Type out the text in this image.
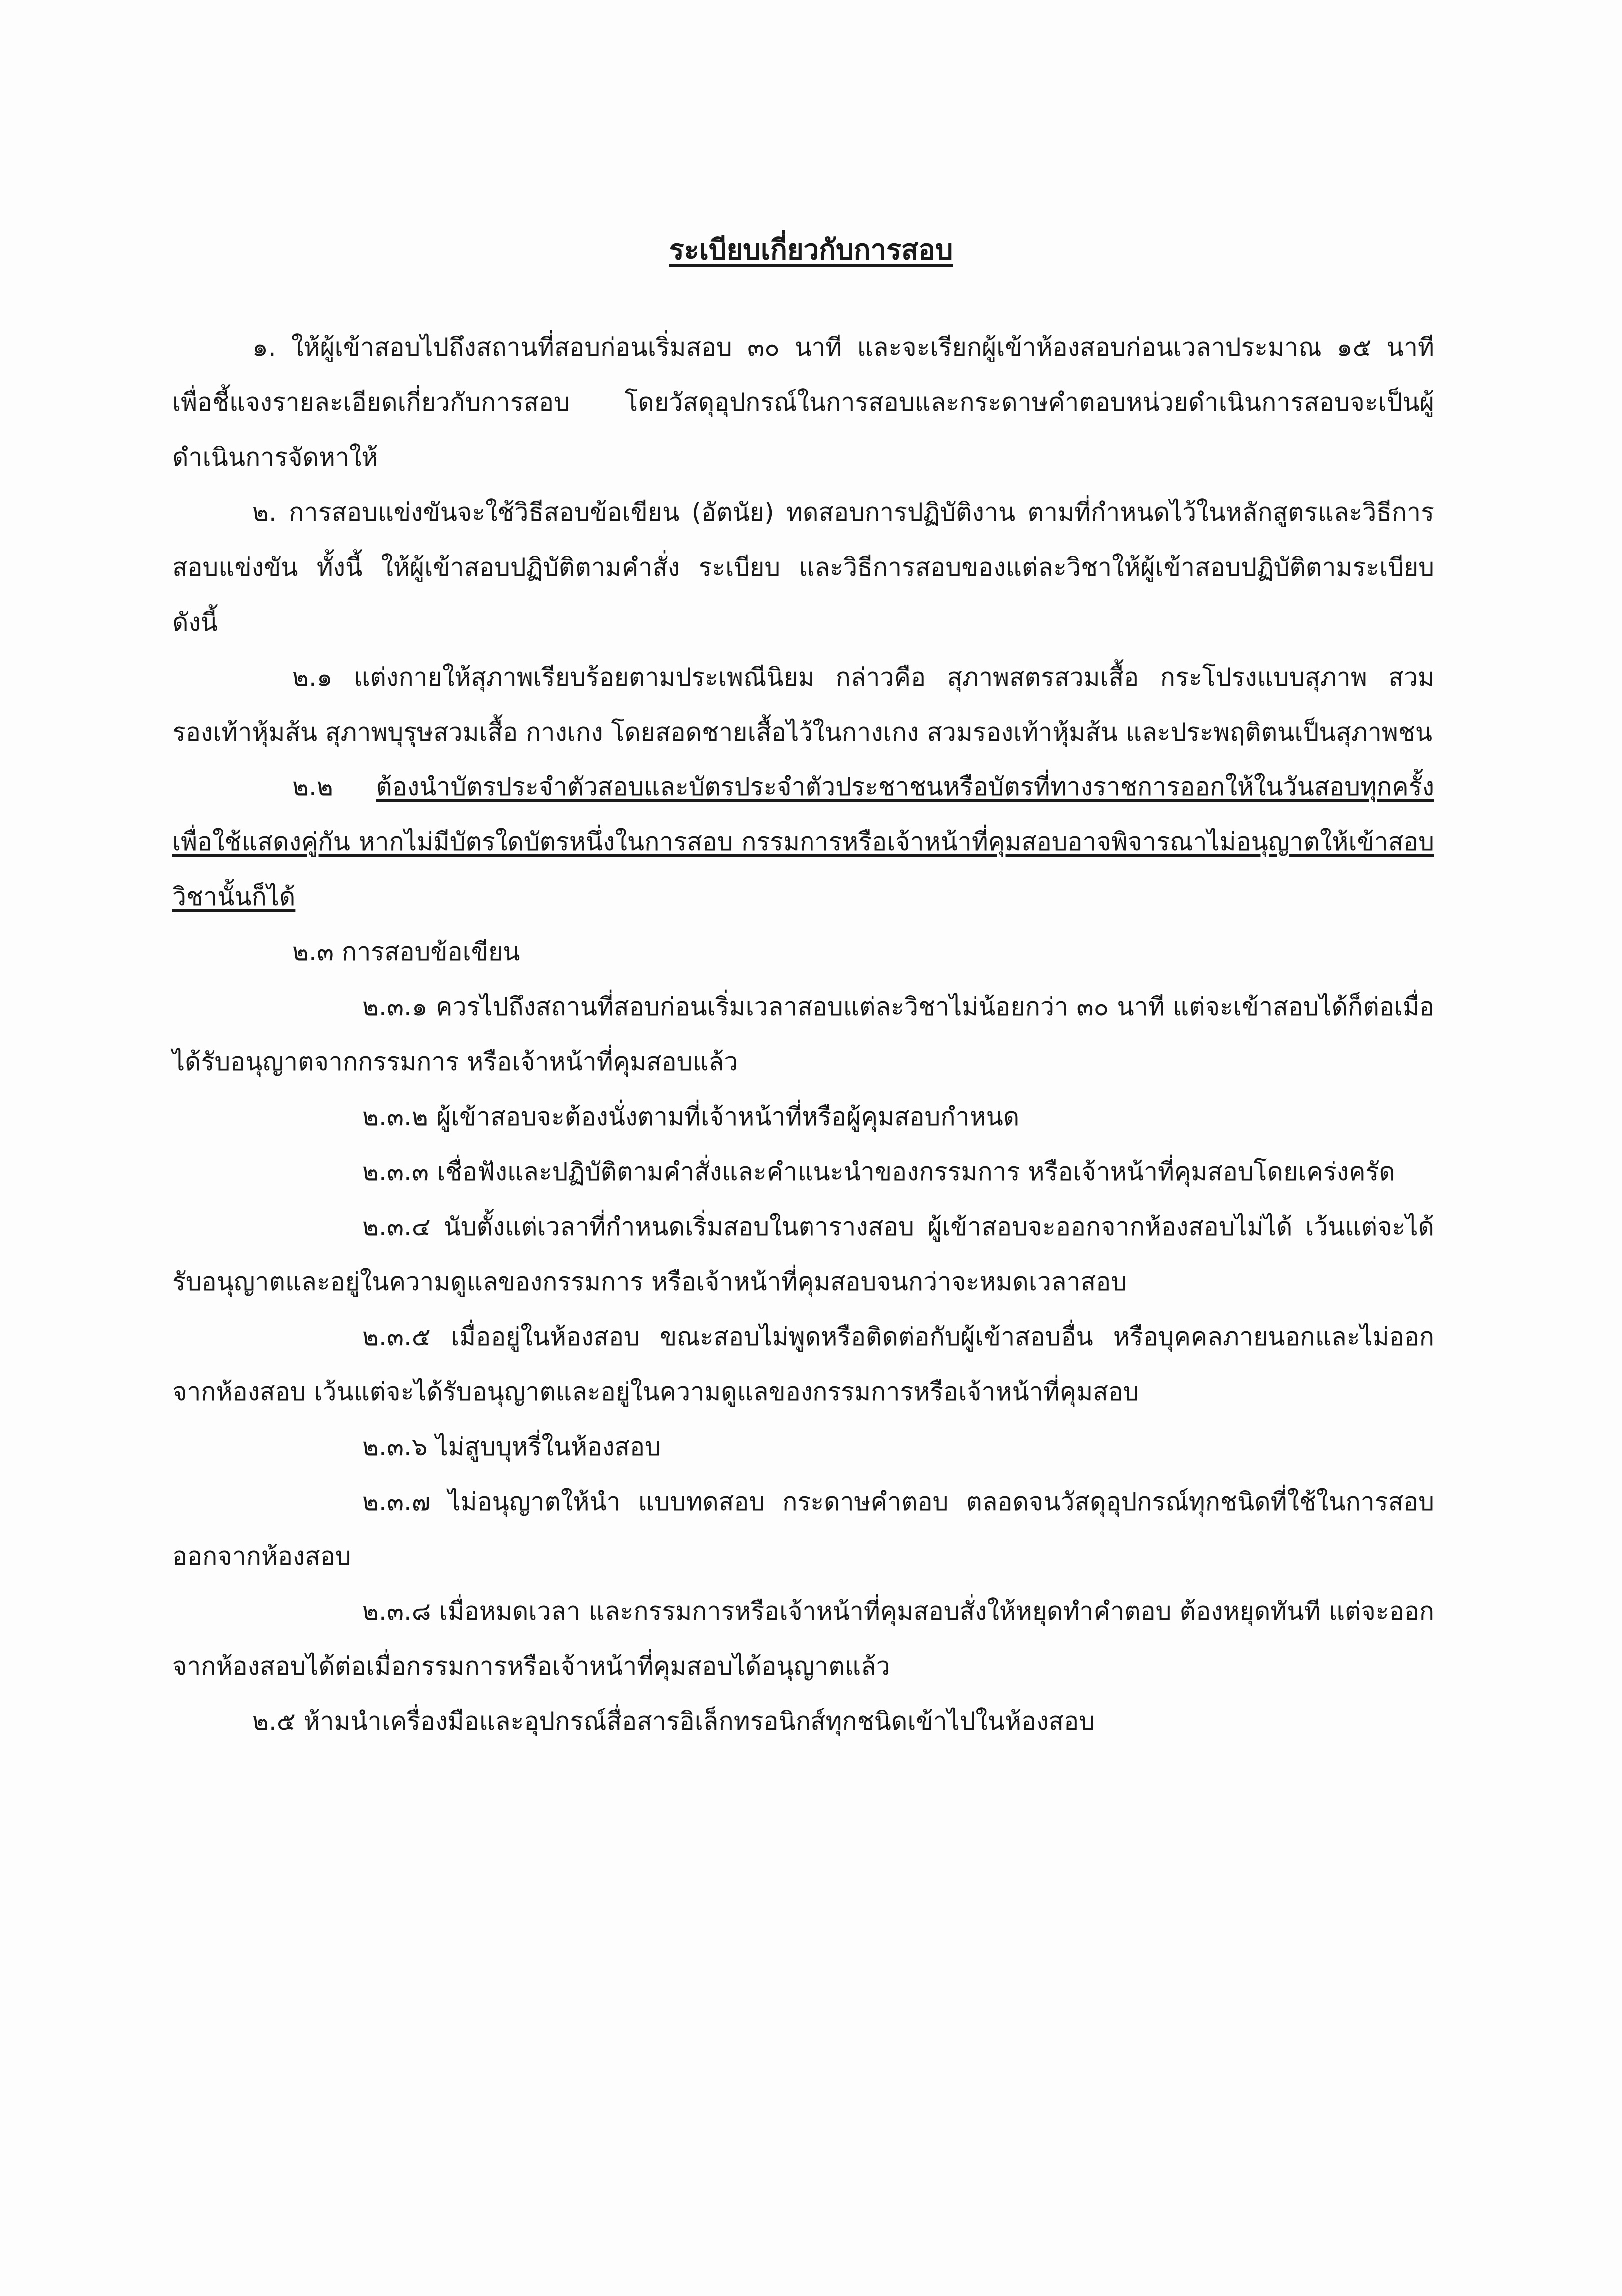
ระเบียบเกี่ยวกับการสอบ

๑. ให้ผู้เข้าสอบไปถึงสถานที่สอบก่อนเริ่มสอบ ๓๐ นาที และจะเรียกผู้เข้าห้องสอบก่อนเวลาประมาณ ๑๕ นาที เพื่อชี้แจงรายละเอียดเกี่ยวกับการสอบ โดยวัสดุอุปกรณ์ในการสอบและกระดาษคำตอบหน่วยดำเนินการสอบจะเป็นผู้ดำเนินการจัดหาให้

๒. การสอบแข่งขันจะใช้วิธีสอบข้อเขียน (อัตนัย) ทดสอบการปฏิบัติงาน ตามที่กำหนดไว้ในหลักสูตรและวิธีการสอบแข่งขัน ทั้งนี้ ให้ผู้เข้าสอบปฏิบัติตามคำสั่ง ระเบียบ และวิธีการสอบของแต่ละวิชาให้ผู้เข้าสอบปฏิบัติตามระเบียบ ดังนี้

๒.๑ แต่งกายให้สุภาพเรียบร้อยตามประเพณีนิยม กล่าวคือ สุภาพสตรสวมเสื้อ กระโปรงแบบสุภาพ สวมรองเท้าหุ้มส้น สุภาพบุรุษสวมเสื้อ กางเกง โดยสอดชายเสื้อไว้ในกางเกง สวมรองเท้าหุ้มส้น และประพฤติตนเป็นสุภาพชน

๒.๒ ต้องนำบัตรประจำตัวสอบและบัตรประจำตัวประชาชนหรือบัตรที่ทางราชการออกให้ในวันสอบทุกครั้ง เพื่อใช้แสดงคู่กัน หากไม่มีบัตรใดบัตรหนึ่งในการสอบ กรรมการหรือเจ้าหน้าที่คุมสอบอาจพิจารณาไม่อนุญาตให้เข้าสอบวิชานั้นก็ได้

๒.๓ การสอบข้อเขียน

๒.๓.๑ ควรไปถึงสถานที่สอบก่อนเริ่มเวลาสอบแต่ละวิชาไม่น้อยกว่า ๓๐ นาที แต่จะเข้าสอบได้ก็ต่อเมื่อได้รับอนุญาตจากกรรมการ หรือเจ้าหน้าที่คุมสอบแล้ว

๒.๓.๒ ผู้เข้าสอบจะต้องนั่งตามที่เจ้าหน้าที่หรือผู้คุมสอบกำหนด

๒.๓.๓ เชื่อฟังและปฏิบัติตามคำสั่งและคำแนะนำของกรรมการ หรือเจ้าหน้าที่คุมสอบโดยเคร่งครัด

๒.๓.๔ นับตั้งแต่เวลาที่กำหนดเริ่มสอบในตารางสอบ ผู้เข้าสอบจะออกจากห้องสอบไม่ได้ เว้นแต่จะได้รับอนุญาตและอยู่ในความดูแลของกรรมการ หรือเจ้าหน้าที่คุมสอบจนกว่าจะหมดเวลาสอบ

๒.๓.๕ เมื่ออยู่ในห้องสอบ ขณะสอบไม่พูดหรือติดต่อกับผู้เข้าสอบอื่น หรือบุคคลภายนอกและไม่ออกจากห้องสอบ เว้นแต่จะได้รับอนุญาตและอยู่ในความดูแลของกรรมการหรือเจ้าหน้าที่คุมสอบ

๒.๓.๖ ไม่สูบบุหรี่ในห้องสอบ

๒.๓.๗ ไม่อนุญาตให้นำ แบบทดสอบ กระดาษคำตอบ ตลอดจนวัสดุอุปกรณ์ทุกชนิดที่ใช้ในการสอบ ออกจากห้องสอบ

๒.๓.๘ เมื่อหมดเวลา และกรรมการหรือเจ้าหน้าที่คุมสอบสั่งให้หยุดทำคำตอบ ต้องหยุดทันที แต่จะออกจากห้องสอบได้ต่อเมื่อกรรมการหรือเจ้าหน้าที่คุมสอบได้อนุญาตแล้ว

๒.๕ ห้ามนำเครื่องมือและอุปกรณ์สื่อสารอิเล็กทรอนิกส์ทุกชนิดเข้าไปในห้องสอบ
